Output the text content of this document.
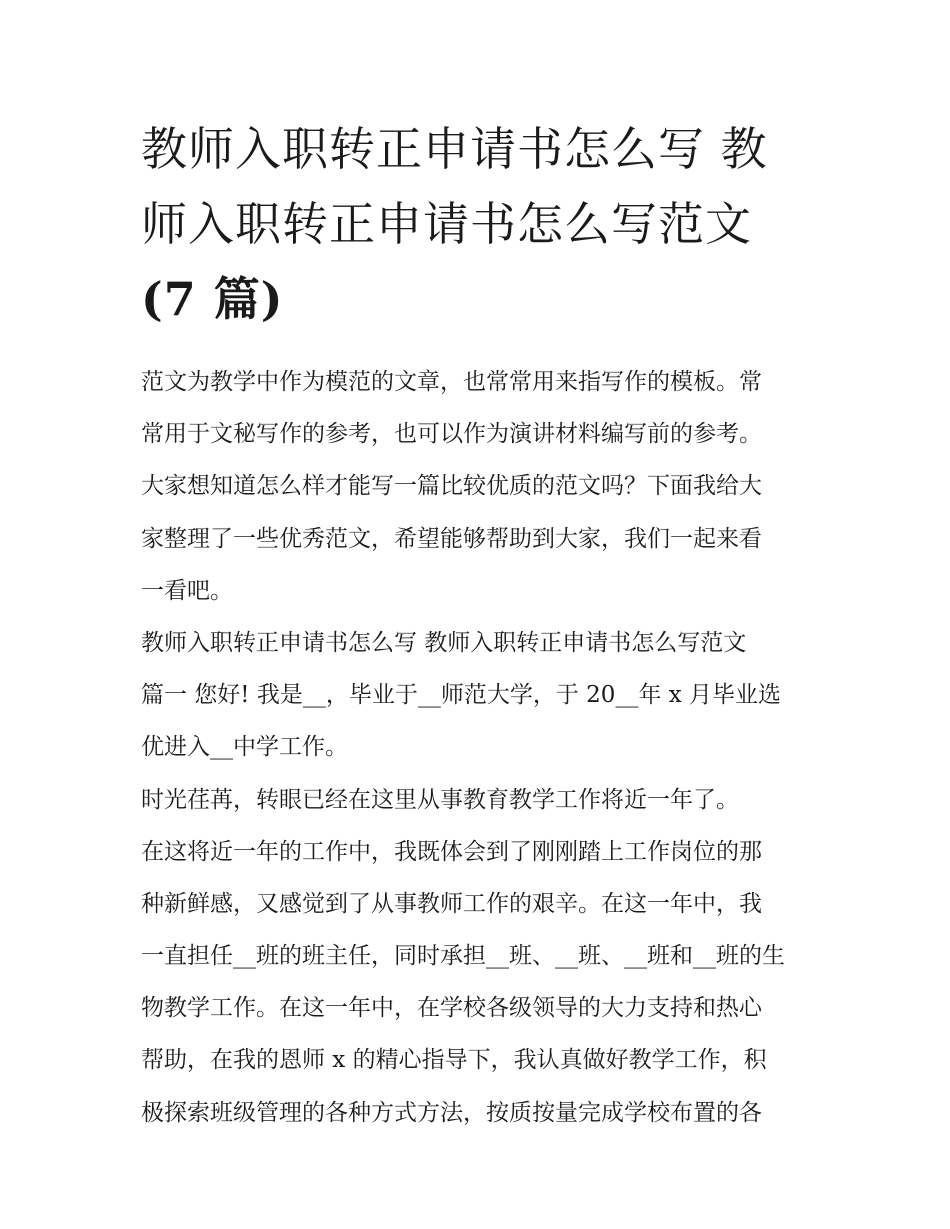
教师入职转正申请书怎么写 教
师入职转正申请书怎么写范文
(7 篇)
范文为教学中作为模范的文章，也常常用来指写作的模板。常
常用于文秘写作的参考，也可以作为演讲材料编写前的参考。
大家想知道怎么样才能写一篇比较优质的范文吗？下面我给大
家整理了一些优秀范文，希望能够帮助到大家，我们一起来看
一看吧。
教师入职转正申请书怎么写 教师入职转正申请书怎么写范文
篇一 您好! 我是__，毕业于__师范大学，于 20__年 x 月毕业选
优进入__中学工作。
时光荏苒，转眼已经在这里从事教育教学工作将近一年了。
在这将近一年的工作中，我既体会到了刚刚踏上工作岗位的那
种新鲜感，又感觉到了从事教师工作的艰辛。在这一年中，我
一直担任__班的班主任，同时承担__班、__班、__班和__班的生
物教学工作。在这一年中，在学校各级领导的大力支持和热心
帮助，在我的恩师 x 的精心指导下，我认真做好教学工作，积
极探索班级管理的各种方式方法，按质按量完成学校布置的各
